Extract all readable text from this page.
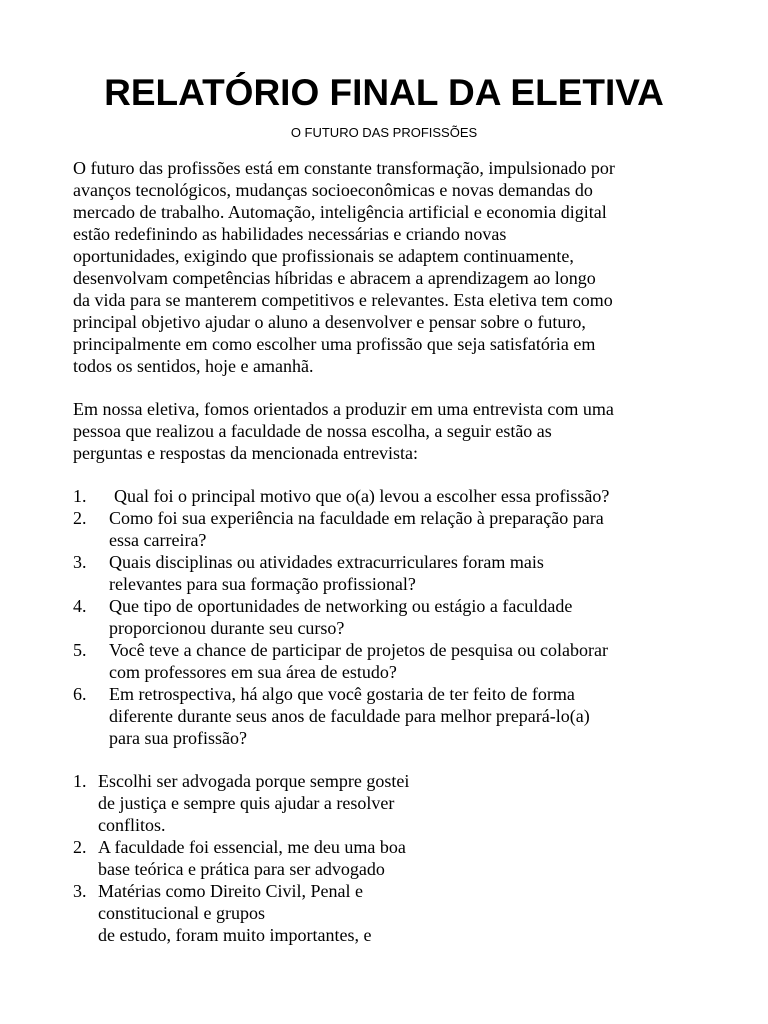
RELATÓRIO FINAL DA ELETIVA
O FUTURO DAS PROFISSÕES
O futuro das profissões está em constante transformação, impulsionado por
avanços tecnológicos, mudanças socioeconômicas e novas demandas do
mercado de trabalho. Automação, inteligência artificial e economia digital
estão redefinindo as habilidades necessárias e criando novas
oportunidades, exigindo que profissionais se adaptem continuamente,
desenvolvam competências híbridas e abracem a aprendizagem ao longo
da vida para se manterem competitivos e relevantes. Esta eletiva tem como
principal objetivo ajudar o aluno a desenvolver e pensar sobre o futuro,
principalmente em como escolher uma profissão que seja satisfatória em
todos os sentidos, hoje e amanhã.
Em nossa eletiva, fomos orientados a produzir em uma entrevista com uma
pessoa que realizou a faculdade de nossa escolha, a seguir estão as
perguntas e respostas da mencionada entrevista:
1. Qual foi o principal motivo que o(a) levou a escolher essa profissão?
2. Como foi sua experiência na faculdade em relação à preparação para
essa carreira?
3. Quais disciplinas ou atividades extracurriculares foram mais
relevantes para sua formação profissional?
4. Que tipo de oportunidades de networking ou estágio a faculdade
proporcionou durante seu curso?
5. Você teve a chance de participar de projetos de pesquisa ou colaborar
com professores em sua área de estudo?
6. Em retrospectiva, há algo que você gostaria de ter feito de forma
diferente durante seus anos de faculdade para melhor prepará-lo(a)
para sua profissão?
1. Escolhi ser advogada porque sempre gostei
de justiça e sempre quis ajudar a resolver
conflitos.
2. A faculdade foi essencial, me deu uma boa
base teórica e prática para ser advogado
3. Matérias como Direito Civil, Penal e
constitucional e grupos
de estudo, foram muito importantes, e
